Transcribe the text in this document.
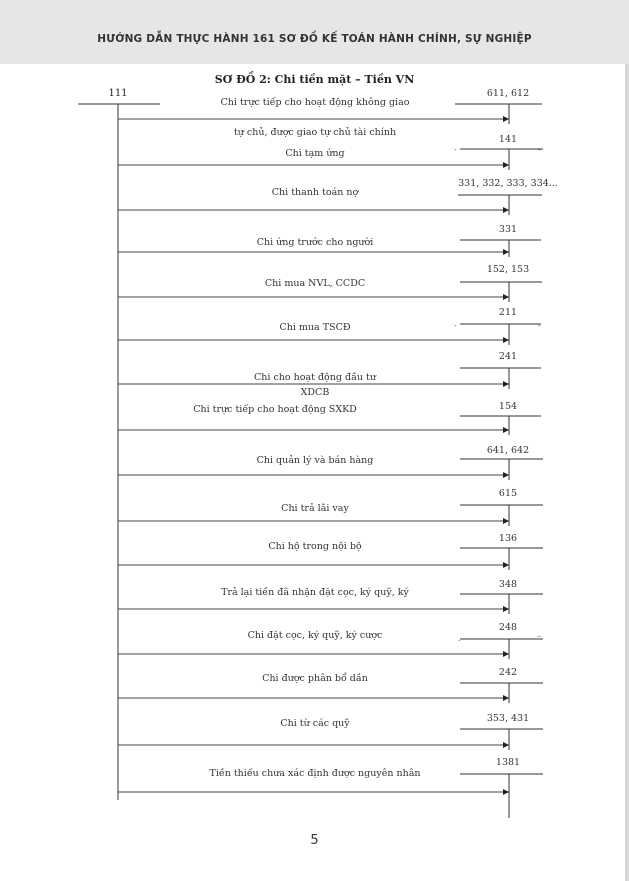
HƯỚNG DẪN THỰC HÀNH 161 SƠ ĐỒ KẾ TOÁN HÀNH CHÍNH, SỰ NGHIỆP
SƠ ĐỒ 2: Chi tiền mặt – Tiền VN
111
Chi trực tiếp cho hoạt động không giao
tự chủ, được giao tự chủ tài chính
Chi tạm ứng
Chi thanh toán nợ
Chi ứng trước cho người
Chi mua NVL, CCDC
Chi mua TSCĐ
Chi cho hoạt động đầu tư
XDCB
Chi trực tiếp cho hoạt động SXKD
Chi quản lý và bán hàng
Chi trả lãi vay
Chi hộ trong nội bộ
Trả lại tiền đã nhận đặt cọc, ký quỹ, ký
Chi đặt cọc, ký quỹ, ký cược
Chi được phân bổ dần
Chi từ các quỹ
Tiền thiếu chưa xác định được nguyên nhân
611, 612
141
331, 332, 333, 334...
331
152, 153
211
241
154
641, 642
615
136
348
248
242
353, 431
1381
-	-
-	-
.	–
5
